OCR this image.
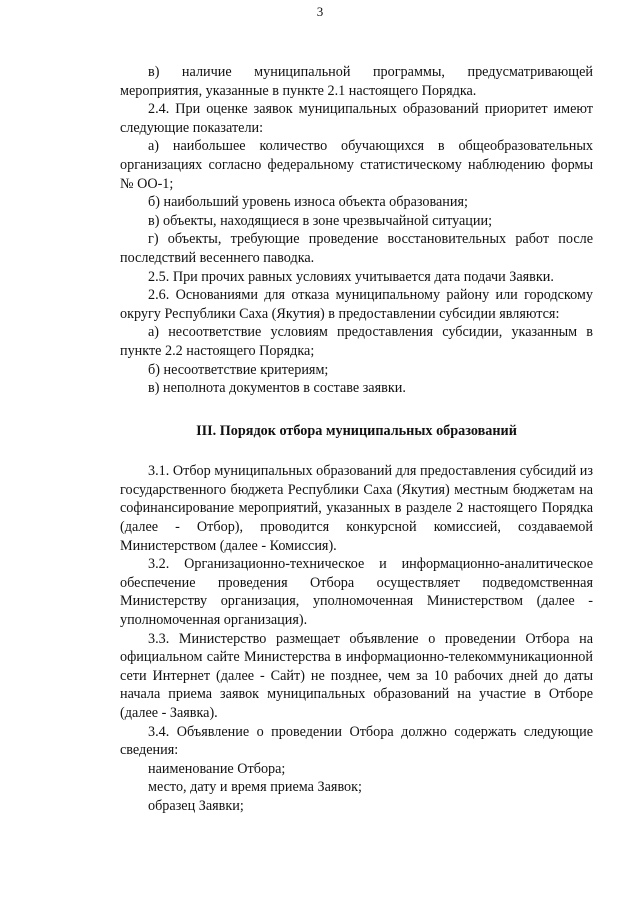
3

в) наличие муниципальной программы, предусматривающей мероприятия, указанные в пункте 2.1 настоящего Порядка.

2.4. При оценке заявок муниципальных образований приоритет имеют следующие показатели:

а) наибольшее количество обучающихся в общеобразовательных организациях согласно федеральному статистическому наблюдению формы № ОО-1;

б) наибольший уровень износа объекта образования;

в) объекты, находящиеся в зоне чрезвычайной ситуации;

г) объекты, требующие проведение восстановительных работ после последствий весеннего паводка.

2.5. При прочих равных условиях учитывается дата подачи Заявки.

2.6. Основаниями для отказа муниципальному району или городскому округу Республики Саха (Якутия) в предоставлении субсидии являются:

а) несоответствие условиям предоставления субсидии, указанным в пункте 2.2 настоящего Порядка;

б) несоответствие критериям;

в) неполнота документов в составе заявки.

III. Порядок отбора муниципальных образований

3.1. Отбор муниципальных образований для предоставления субсидий из государственного бюджета Республики Саха (Якутия) местным бюджетам на софинансирование мероприятий, указанных в разделе 2 настоящего Порядка (далее - Отбор), проводится конкурсной комиссией, создаваемой Министерством (далее - Комиссия).

3.2. Организационно-техническое и информационно-аналитическое обеспечение проведения Отбора осуществляет подведомственная Министерству организация, уполномоченная Министерством (далее - уполномоченная организация).

3.3. Министерство размещает объявление о проведении Отбора на официальном сайте Министерства в информационно-телекоммуникационной сети Интернет (далее - Сайт) не позднее, чем за 10 рабочих дней до даты начала приема заявок муниципальных образований на участие в Отборе (далее - Заявка).

3.4. Объявление о проведении Отбора должно содержать следующие сведения:

наименование Отбора;

место, дату и время приема Заявок;

образец Заявки;
